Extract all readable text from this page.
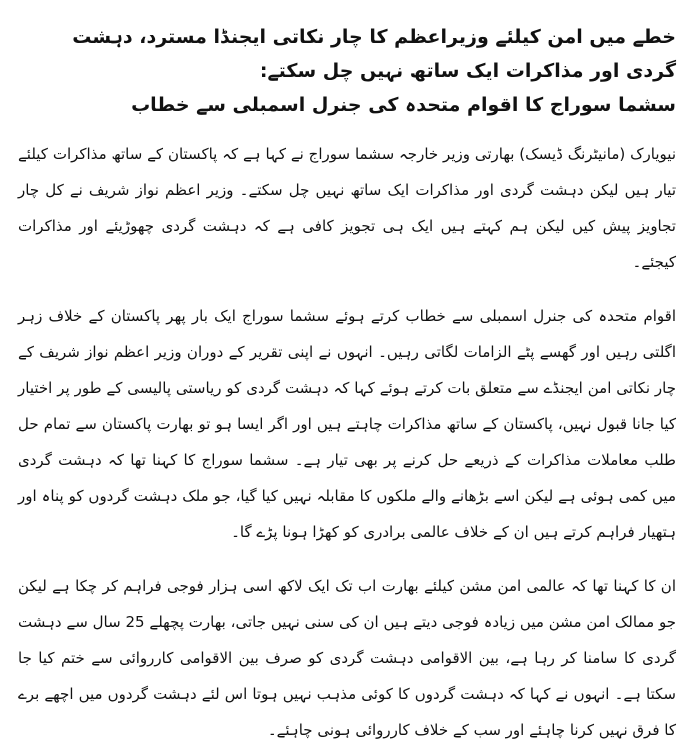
خطے میں امن کیلئے وزیراعظم کا چار نکاتی ایجنڈا مسترد، دہشت گردی اور مذاکرات ایک ساتھ نہیں چل سکتے:
سشما سوراج کا اقوام متحدہ کی جنرل اسمبلی سے خطاب

نیویارک (مانیٹرنگ ڈیسک) بھارتی وزیر خارجہ سشما سوراج نے کہا ہے کہ پاکستان کے ساتھ مذاکرات کیلئے تیار ہیں لیکن دہشت گردی اور مذاکرات ایک ساتھ نہیں چل سکتے۔ وزیر اعظم نواز شریف نے کل چار تجاویز پیش کیں لیکن ہم کہتے ہیں ایک ہی تجویز کافی ہے کہ دہشت گردی چھوڑیئے اور مذاکرات کیجئے۔

اقوام متحدہ کی جنرل اسمبلی سے خطاب کرتے ہوئے سشما سوراج ایک بار پھر پاکستان کے خلاف زہر اگلتی رہیں اور گھسے پٹے الزامات لگاتی رہیں۔ انہوں نے اپنی تقریر کے دوران وزیر اعظم نواز شریف کے چار نکاتی امن ایجنڈے سے متعلق بات کرتے ہوئے کہا کہ دہشت گردی کو ریاستی پالیسی کے طور پر اختیار کیا جانا قبول نہیں، پاکستان کے ساتھ مذاکرات چاہتے ہیں اور اگر ایسا ہو تو بھارت پاکستان سے تمام حل طلب معاملات مذاکرات کے ذریعے حل کرنے پر بھی تیار ہے۔ سشما سوراج کا کہنا تھا کہ دہشت گردی میں کمی ہوئی ہے لیکن اسے بڑھانے والے ملکوں کا مقابلہ نہیں کیا گیا، جو ملک دہشت گردوں کو پناہ اور ہتھیار فراہم کرتے ہیں ان کے خلاف عالمی برادری کو کھڑا ہونا پڑے گا۔

ان کا کہنا تھا کہ عالمی امن مشن کیلئے بھارت اب تک ایک لاکھ اسی ہزار فوجی فراہم کر چکا ہے لیکن جو ممالک امن مشن میں زیادہ فوجی دیتے ہیں ان کی سنی نہیں جاتی، بھارت پچھلے 25 سال سے دہشت گردی کا سامنا کر رہا ہے، بین الاقوامی دہشت گردی کو صرف بین الاقوامی کارروائی سے ختم کیا جا سکتا ہے۔ انہوں نے کہا کہ دہشت گردوں کا کوئی مذہب نہیں ہوتا اس لئے دہشت گردوں میں اچھے برے کا فرق نہیں کرنا چاہئے اور سب کے خلاف کارروائی ہونی چاہئے۔
